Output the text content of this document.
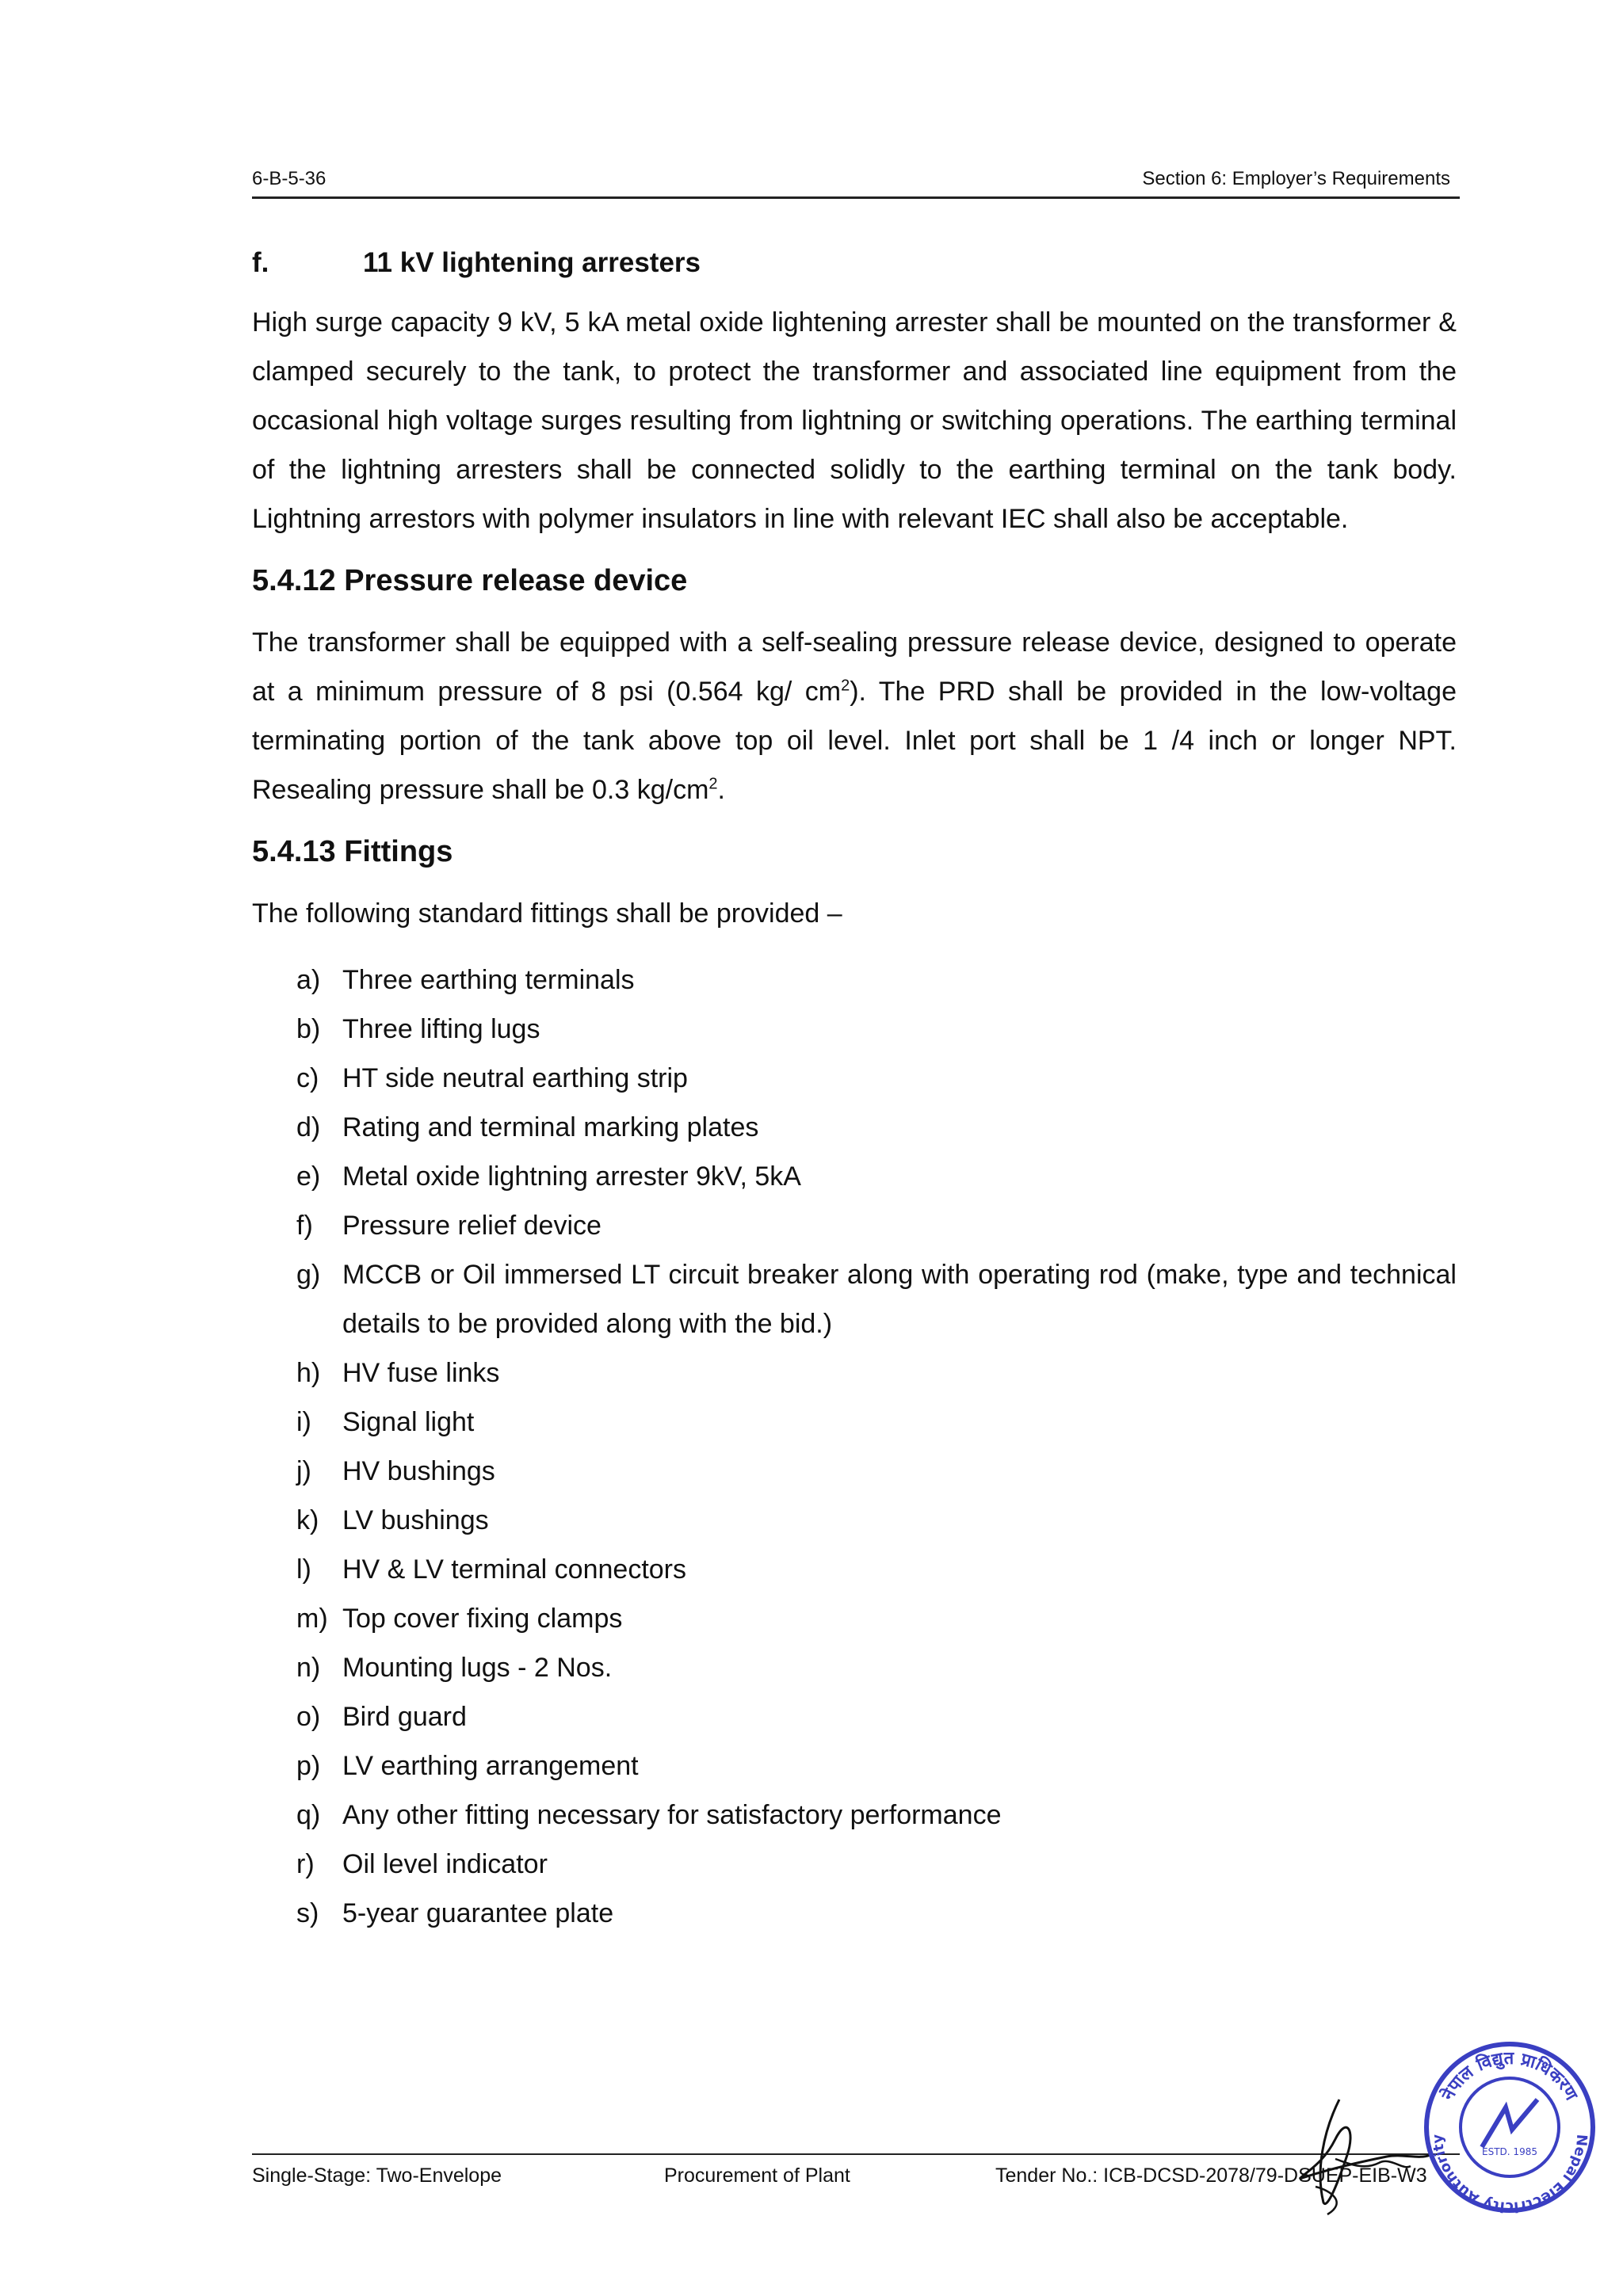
6-B-5-36	Section 6: Employer’s Requirements
f.	11 kV lightening arresters

High surge capacity 9 kV, 5 kA metal oxide lightening arrester shall be mounted on the transformer & clamped securely to the tank, to protect the transformer and associated line equipment from the occasional high voltage surges resulting from lightning or switching operations. The earthing terminal of the lightning arresters shall be connected solidly to the earthing terminal on the tank body. Lightning arrestors with polymer insulators in line with relevant IEC shall also be acceptable.

5.4.12 Pressure release device

The transformer shall be equipped with a self-sealing pressure release device, designed to operate at a minimum pressure of 8 psi (0.564 kg/ $cm^2$). The PRD shall be provided in the low-voltage terminating portion of the tank above top oil level. Inlet port shall be 1 /4 inch or longer NPT. Resealing pressure shall be 0.3 $kg/cm^2$.

5.4.13 Fittings

The following standard fittings shall be provided –

a) Three earthing terminals
b) Three lifting lugs
c) HT side neutral earthing strip
d) Rating and terminal marking plates
e) Metal oxide lightning arrester 9kV, 5kA
f)	Pressure relief device
g) MCCB or Oil immersed LT circuit breaker along with operating rod (make, type and technical details to be provided along with the bid.)
h) HV fuse links
i)	Signal light
j)	HV bushings
k) LV bushings
l)	HV & LV terminal connectors
m) Top cover fixing clamps
n) Mounting lugs - 2 Nos.
o) Bird guard
p) LV earthing arrangement
q) Any other fitting necessary for satisfactory performance
r)	Oil level indicator
s) 5-year guarantee plate
Single-Stage: Two-Envelope	Procurement of Plant	Tender No.: ICB-DCSD-2078/79-DSUEP-EIB-W3
नेपाल विद्युत प्राधिकरण
Nepal Electricity Authority
ESTD. 1985
